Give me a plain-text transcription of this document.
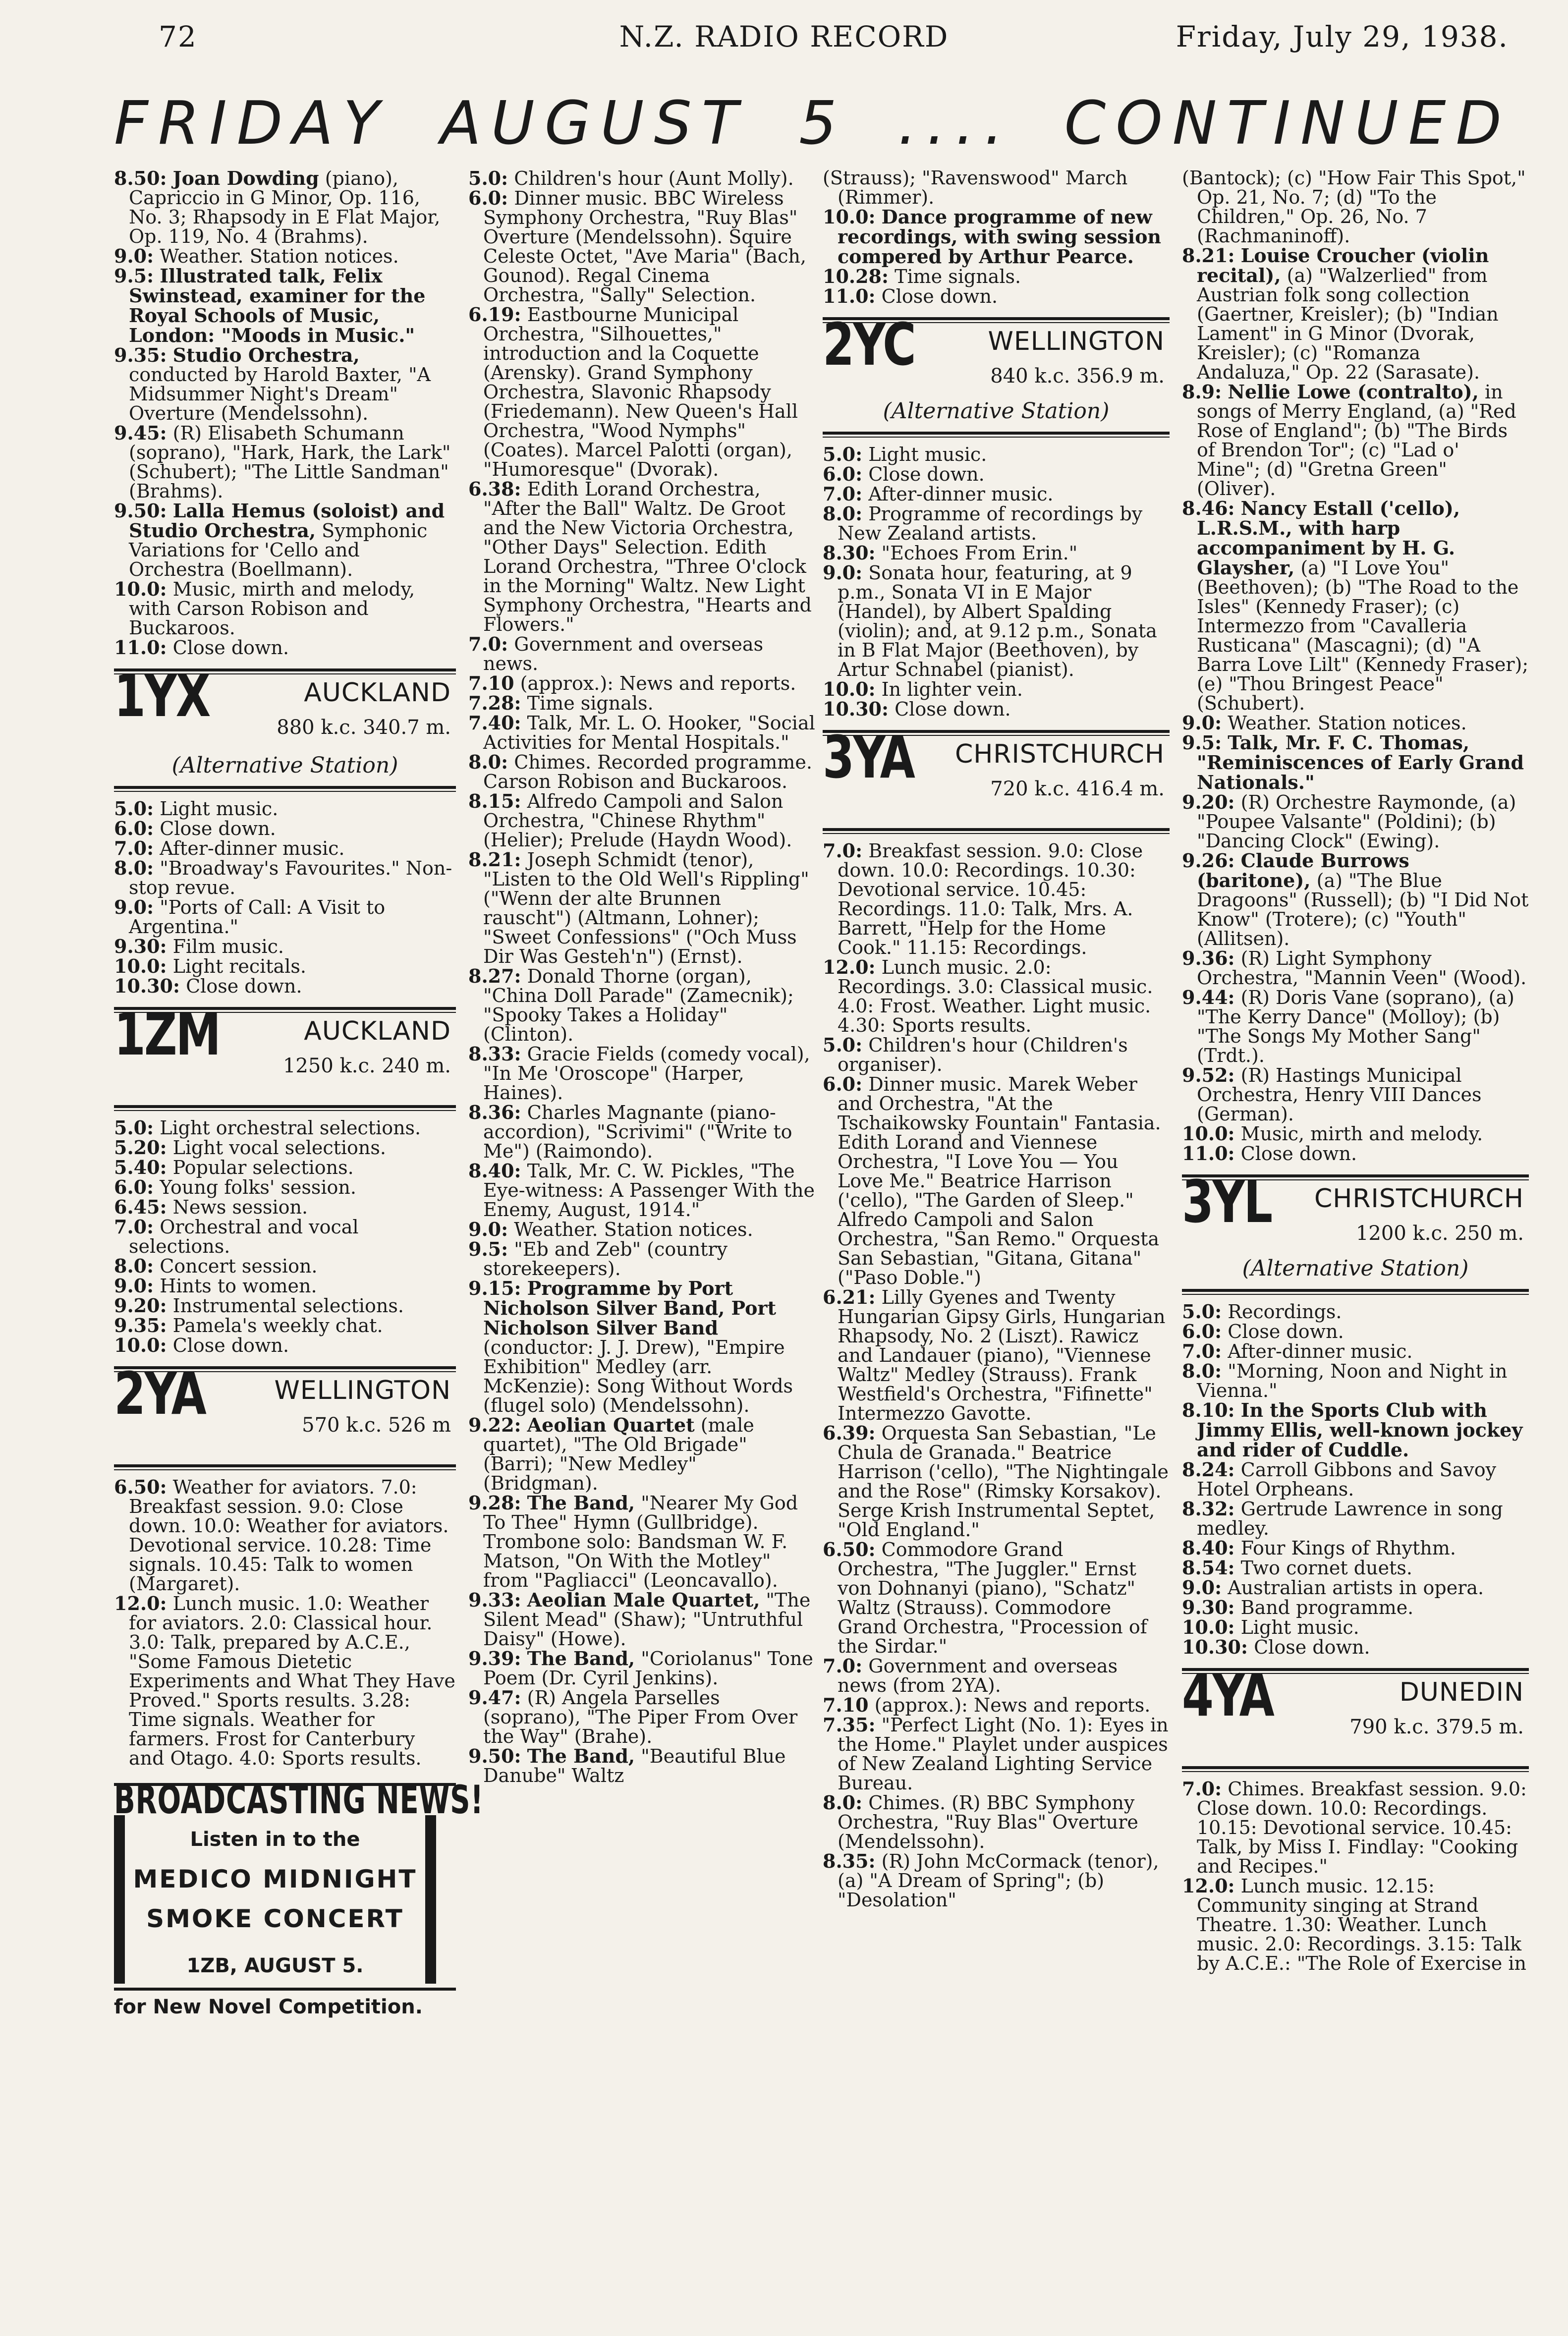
72	N.Z. RADIO RECORD	Friday, July 29, 1938.
FRIDAY AUGUST 5 .... CONTINUED

8.50: Joan Dowding (piano), Capriccio in G Minor, Op. 116, No. 3; Rhapsody in E Flat Major, Op. 119, No. 4 (Brahms).

9.0: Weather. Station notices.

9.5: Illustrated talk, Felix Swinstead, examiner for the Royal Schools of Music, London: "Moods in Music."

9.35: Studio Orchestra, conducted by Harold Baxter, "A Midsummer Night's Dream" Overture (Mendelssohn).

9.45: (R) Elisabeth Schumann (soprano), "Hark, Hark, the Lark" (Schubert); "The Little Sandman" (Brahms).

9.50: Lalla Hemus (soloist) and Studio Orchestra, Symphonic Variations for 'Cello and Orchestra (Boellmann).

10.0: Music, mirth and melody, with Carson Robison and Buckaroos.

11.0: Close down.

1YX	AUCKLAND
880 k.c. 340.7 m.
(Alternative Station)

5.0: Light music.

6.0: Close down.

7.0: After-dinner music.

8.0: "Broadway's Favourites." Non-stop revue.

9.0: "Ports of Call: A Visit to Argentina."

9.30: Film music.

10.0: Light recitals.

10.30: Close down.

1ZM	AUCKLAND
1250 k.c. 240 m.

5.0: Light orchestral selections.

5.20: Light vocal selections.

5.40: Popular selections.

6.0: Young folks' session.

6.45: News session.

7.0: Orchestral and vocal selections.

8.0: Concert session.

9.0: Hints to women.

9.20: Instrumental selections.

9.35: Pamela's weekly chat.

10.0: Close down.

2YA	WELLINGTON
570 k.c. 526 m

6.50: Weather for aviators. 7.0: Breakfast session. 9.0: Close down. 10.0: Weather for aviators. Devotional service. 10.28: Time signals. 10.45: Talk to women (Margaret).

12.0: Lunch music. 1.0: Weather for aviators. 2.0: Classical hour. 3.0: Talk, prepared by A.C.E., "Some Famous Dietetic Experiments and What They Have Proved." Sports results. 3.28: Time signals. Weather for farmers. Frost for Canterbury and Otago. 4.0: Sports results.

BROADCASTING NEWS!
Listen in to the
MEDICO MIDNIGHT
SMOKE CONCERT
1ZB, AUGUST 5.
for New Novel Competition.

5.0: Children's hour (Aunt Molly).

6.0: Dinner music. BBC Wireless Symphony Orchestra, "Ruy Blas" Overture (Mendelssohn). Squire Celeste Octet, "Ave Maria" (Bach, Gounod). Regal Cinema Orchestra, "Sally" Selection.

6.19: Eastbourne Municipal Orchestra, "Silhouettes," introduction and la Coquette (Arensky). Grand Symphony Orchestra, Slavonic Rhapsody (Friedemann). New Queen's Hall Orchestra, "Wood Nymphs" (Coates). Marcel Palotti (organ), "Humoresque" (Dvorak).

6.38: Edith Lorand Orchestra, "After the Ball" Waltz. De Groot and the New Victoria Orchestra, "Other Days" Selection. Edith Lorand Orchestra, "Three O'clock in the Morning" Waltz. New Light Symphony Orchestra, "Hearts and Flowers."

7.0: Government and overseas news.

7.10 (approx.): News and reports.

7.28: Time signals.

7.40: Talk, Mr. L. O. Hooker, "Social Activities for Mental Hospitals."

8.0: Chimes. Recorded programme. Carson Robison and Buckaroos.

8.15: Alfredo Campoli and Salon Orchestra, "Chinese Rhythm" (Helier); Prelude (Haydn Wood).

8.21: Joseph Schmidt (tenor), "Listen to the Old Well's Rippling" ("Wenn der alte Brunnen rauscht") (Altmann, Lohner); "Sweet Confessions" ("Och Muss Dir Was Gesteh'n") (Ernst).

8.27: Donald Thorne (organ), "China Doll Parade" (Zamecnik); "Spooky Takes a Holiday" (Clinton).

8.33: Gracie Fields (comedy vocal), "In Me 'Oroscope" (Harper, Haines).

8.36: Charles Magnante (piano-accordion), "Scrivimi" ("Write to Me") (Raimondo).

8.40: Talk, Mr. C. W. Pickles, "The Eye-witness: A Passenger With the Enemy, August, 1914."

9.0: Weather. Station notices.

9.5: "Eb and Zeb" (country storekeepers).

9.15: Programme by Port Nicholson Silver Band, Port Nicholson Silver Band (conductor: J. J. Drew), "Empire Exhibition" Medley (arr. McKenzie): Song Without Words (flugel solo) (Mendelssohn).

9.22: Aeolian Quartet (male quartet), "The Old Brigade" (Barri); "New Medley" (Bridgman).

9.28: The Band, "Nearer My God To Thee" Hymn (Gullbridge). Trombone solo: Bandsman W. F. Matson, "On With the Motley" from "Pagliacci" (Leoncavallo).

9.33: Aeolian Male Quartet, "The Silent Mead" (Shaw); "Untruthful Daisy" (Howe).

9.39: The Band, "Coriolanus" Tone Poem (Dr. Cyril Jenkins).

9.47: (R) Angela Parselles (soprano), "The Piper From Over the Way" (Brahe).

9.50: The Band, "Beautiful Blue Danube" Waltz

(Strauss); "Ravenswood" March (Rimmer).

10.0: Dance programme of new recordings, with swing session compered by Arthur Pearce.

10.28: Time signals.

11.0: Close down.

2YC	WELLINGTON
840 k.c. 356.9 m.
(Alternative Station)

5.0: Light music.

6.0: Close down.

7.0: After-dinner music.

8.0: Programme of recordings by New Zealand artists.

8.30: "Echoes From Erin."

9.0: Sonata hour, featuring, at 9 p.m., Sonata VI in E Major (Handel), by Albert Spalding (violin); and, at 9.12 p.m., Sonata in B Flat Major (Beethoven), by Artur Schnabel (pianist).

10.0: In lighter vein.

10.30: Close down.

3YA CHRISTCHURCH
720 k.c. 416.4 m.

7.0: Breakfast session. 9.0: Close down. 10.0: Recordings. 10.30: Devotional service. 10.45: Recordings. 11.0: Talk, Mrs. A. Barrett, "Help for the Home Cook." 11.15: Recordings.

12.0: Lunch music. 2.0: Recordings. 3.0: Classical music. 4.0: Frost. Weather. Light music. 4.30: Sports results.

5.0: Children's hour (Children's organiser).

6.0: Dinner music. Marek Weber and Orchestra, "At the Tschaikowsky Fountain" Fantasia. Edith Lorand and Viennese Orchestra, "I Love You — You Love Me." Beatrice Harrison ('cello), "The Garden of Sleep." Alfredo Campoli and Salon Orchestra, "San Remo." Orquesta San Sebastian, "Gitana, Gitana" ("Paso Doble.")

6.21: Lilly Gyenes and Twenty Hungarian Gipsy Girls, Hungarian Rhapsody, No. 2 (Liszt). Rawicz and Landauer (piano), "Viennese Waltz" Medley (Strauss). Frank Westfield's Orchestra, "Fifinette" Intermezzo Gavotte.

6.39: Orquesta San Sebastian, "Le Chula de Granada." Beatrice Harrison ('cello), "The Nightingale and the Rose" (Rimsky Korsakov). Serge Krish Instrumental Septet, "Old England."

6.50: Commodore Grand Orchestra, "The Juggler." Ernst von Dohnanyi (piano), "Schatz" Waltz (Strauss). Commodore Grand Orchestra, "Procession of the Sirdar."

7.0: Government and overseas news (from 2YA).

7.10 (approx.): News and reports.

7.35: "Perfect Light (No. 1): Eyes in the Home." Playlet under auspices of New Zealand Lighting Service Bureau.

8.0: Chimes. (R) BBC Symphony Orchestra, "Ruy Blas" Overture (Mendelssohn).

8.35: (R) John McCormack (tenor), (a) "A Dream of Spring"; (b) "Desolation"

(Bantock); (c) "How Fair This Spot," Op. 21, No. 7; (d) "To the Children," Op. 26, No. 7 (Rachmaninoff).

8.21: Louise Croucher (violin recital), (a) "Walzerlied" from Austrian folk song collection (Gaertner, Kreisler); (b) "Indian Lament" in G Minor (Dvorak, Kreisler); (c) "Romanza Andaluza," Op. 22 (Sarasate).

8.9: Nellie Lowe (contralto), in songs of Merry England, (a) "Red Rose of England"; (b) "The Birds of Brendon Tor"; (c) "Lad o' Mine"; (d) "Gretna Green" (Oliver).

8.46: Nancy Estall ('cello), L.R.S.M., with harp accompaniment by H. G. Glaysher, (a) "I Love You" (Beethoven); (b) "The Road to the Isles" (Kennedy Fraser); (c) Intermezzo from "Cavalleria Rusticana" (Mascagni); (d) "A Barra Love Lilt" (Kennedy Fraser); (e) "Thou Bringest Peace" (Schubert).

9.0: Weather. Station notices.

9.5: Talk, Mr. F. C. Thomas, "Reminiscences of Early Grand Nationals."

9.20: (R) Orchestre Raymonde, (a) "Poupee Valsante" (Poldini); (b) "Dancing Clock" (Ewing).

9.26: Claude Burrows (baritone), (a) "The Blue Dragoons" (Russell); (b) "I Did Not Know" (Trotere); (c) "Youth" (Allitsen).

9.36: (R) Light Symphony Orchestra, "Mannin Veen" (Wood).

9.44: (R) Doris Vane (soprano), (a) "The Kerry Dance" (Molloy); (b) "The Songs My Mother Sang" (Trdt.).

9.52: (R) Hastings Municipal Orchestra, Henry VIII Dances (German).

10.0: Music, mirth and melody.

11.0: Close down.

3YL CHRISTCHURCH
1200 k.c. 250 m.
(Alternative Station)

5.0: Recordings.

6.0: Close down.

7.0: After-dinner music.

8.0: "Morning, Noon and Night in Vienna."

8.10: In the Sports Club with Jimmy Ellis, well-known jockey and rider of Cuddle.

8.24: Carroll Gibbons and Savoy Hotel Orpheans.

8.32: Gertrude Lawrence in song medley.

8.40: Four Kings of Rhythm.

8.54: Two cornet duets.

9.0: Australian artists in opera.

9.30: Band programme.

10.0: Light music.

10.30: Close down.

4YA	DUNEDIN
790 k.c. 379.5 m.

7.0: Chimes. Breakfast session. 9.0: Close down. 10.0: Recordings. 10.15: Devotional service. 10.45: Talk, by Miss I. Findlay: "Cooking and Recipes."

12.0: Lunch music. 12.15: Community singing at Strand Theatre. 1.30: Weather. Lunch music. 2.0: Recordings. 3.15: Talk by A.C.E.: "The Role of Exercise in
